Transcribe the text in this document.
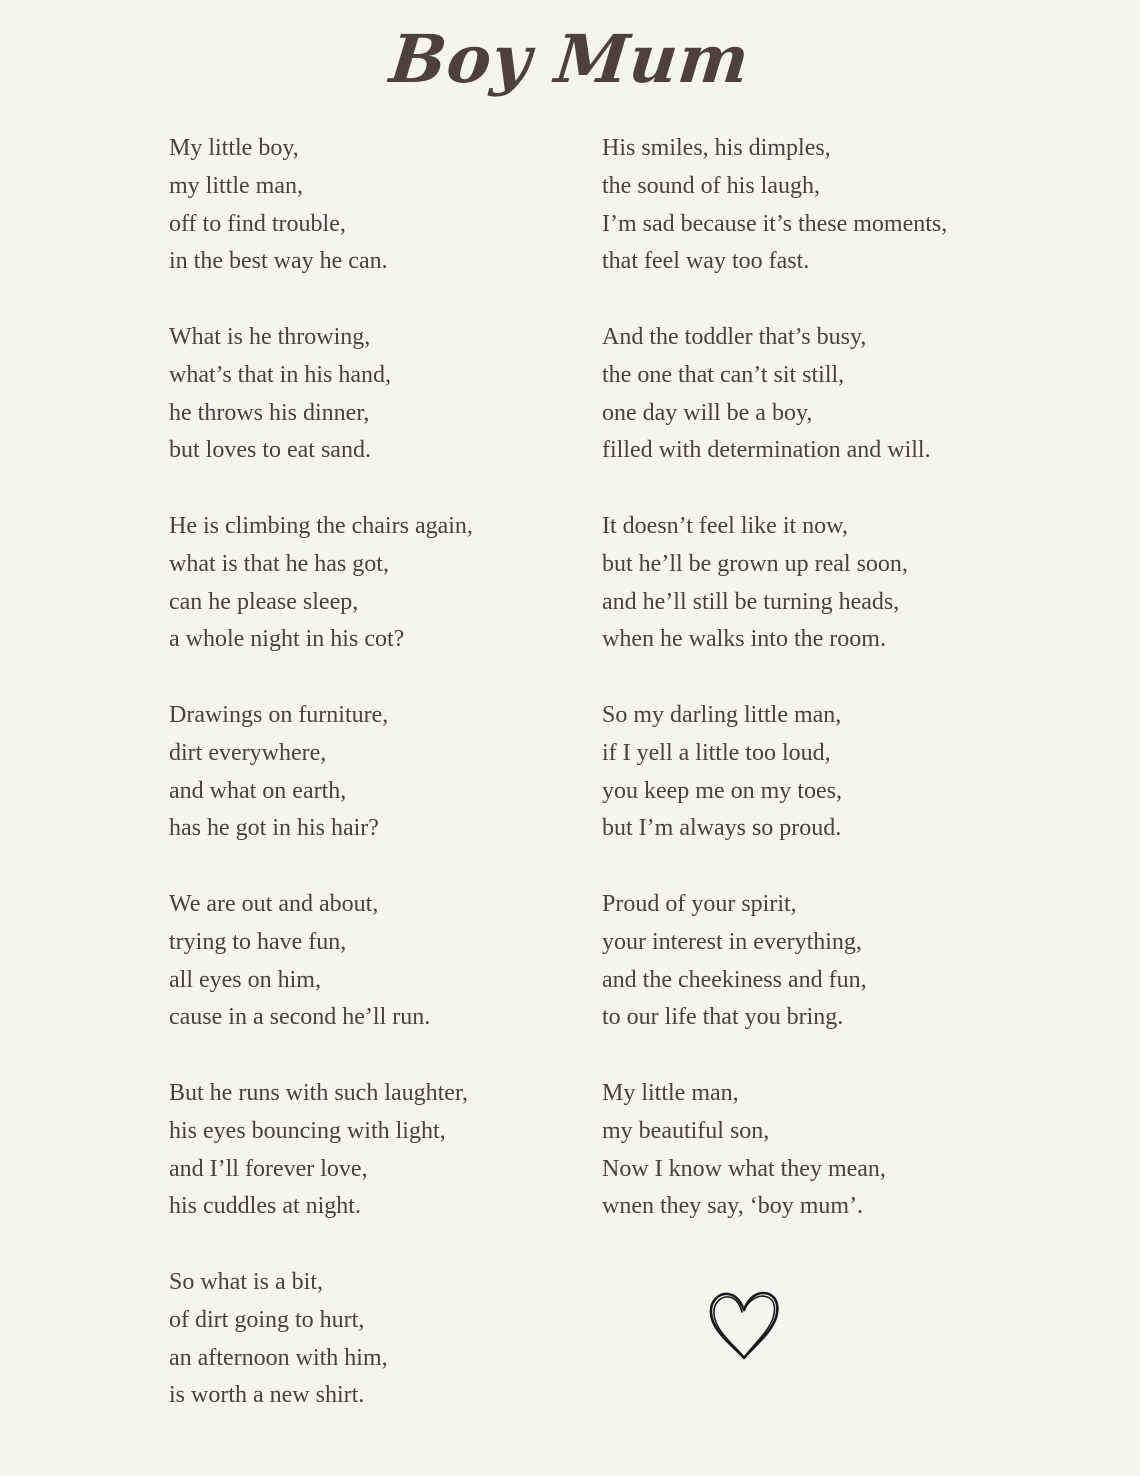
Boy Mum
My little boy,
my little man,
off to find trouble,
in the best way he can.
What is he throwing,
what’s that in his hand,
he throws his dinner,
but loves to eat sand.
He is climbing the chairs again,
what is that he has got,
can he please sleep,
a whole night in his cot?
Drawings on furniture,
dirt everywhere,
and what on earth,
has he got in his hair?
We are out and about,
trying to have fun,
all eyes on him,
cause in a second he’ll run.
But he runs with such laughter,
his eyes bouncing with light,
and I’ll forever love,
his cuddles at night.
So what is a bit,
of dirt going to hurt,
an afternoon with him,
is worth a new shirt.
His smiles, his dimples,
the sound of his laugh,
I’m sad because it’s these moments,
that feel way too fast.
And the toddler that’s busy,
the one that can’t sit still,
one day will be a boy,
filled with determination and will.
It doesn’t feel like it now,
but he’ll be grown up real soon,
and he’ll still be turning heads,
when he walks into the room.
So my darling little man,
if I yell a little too loud,
you keep me on my toes,
but I’m always so proud.
Proud of your spirit,
your interest in everything,
and the cheekiness and fun,
to our life that you bring.
My little man,
my beautiful son,
Now I know what they mean,
wnen they say, ‘boy mum’.
